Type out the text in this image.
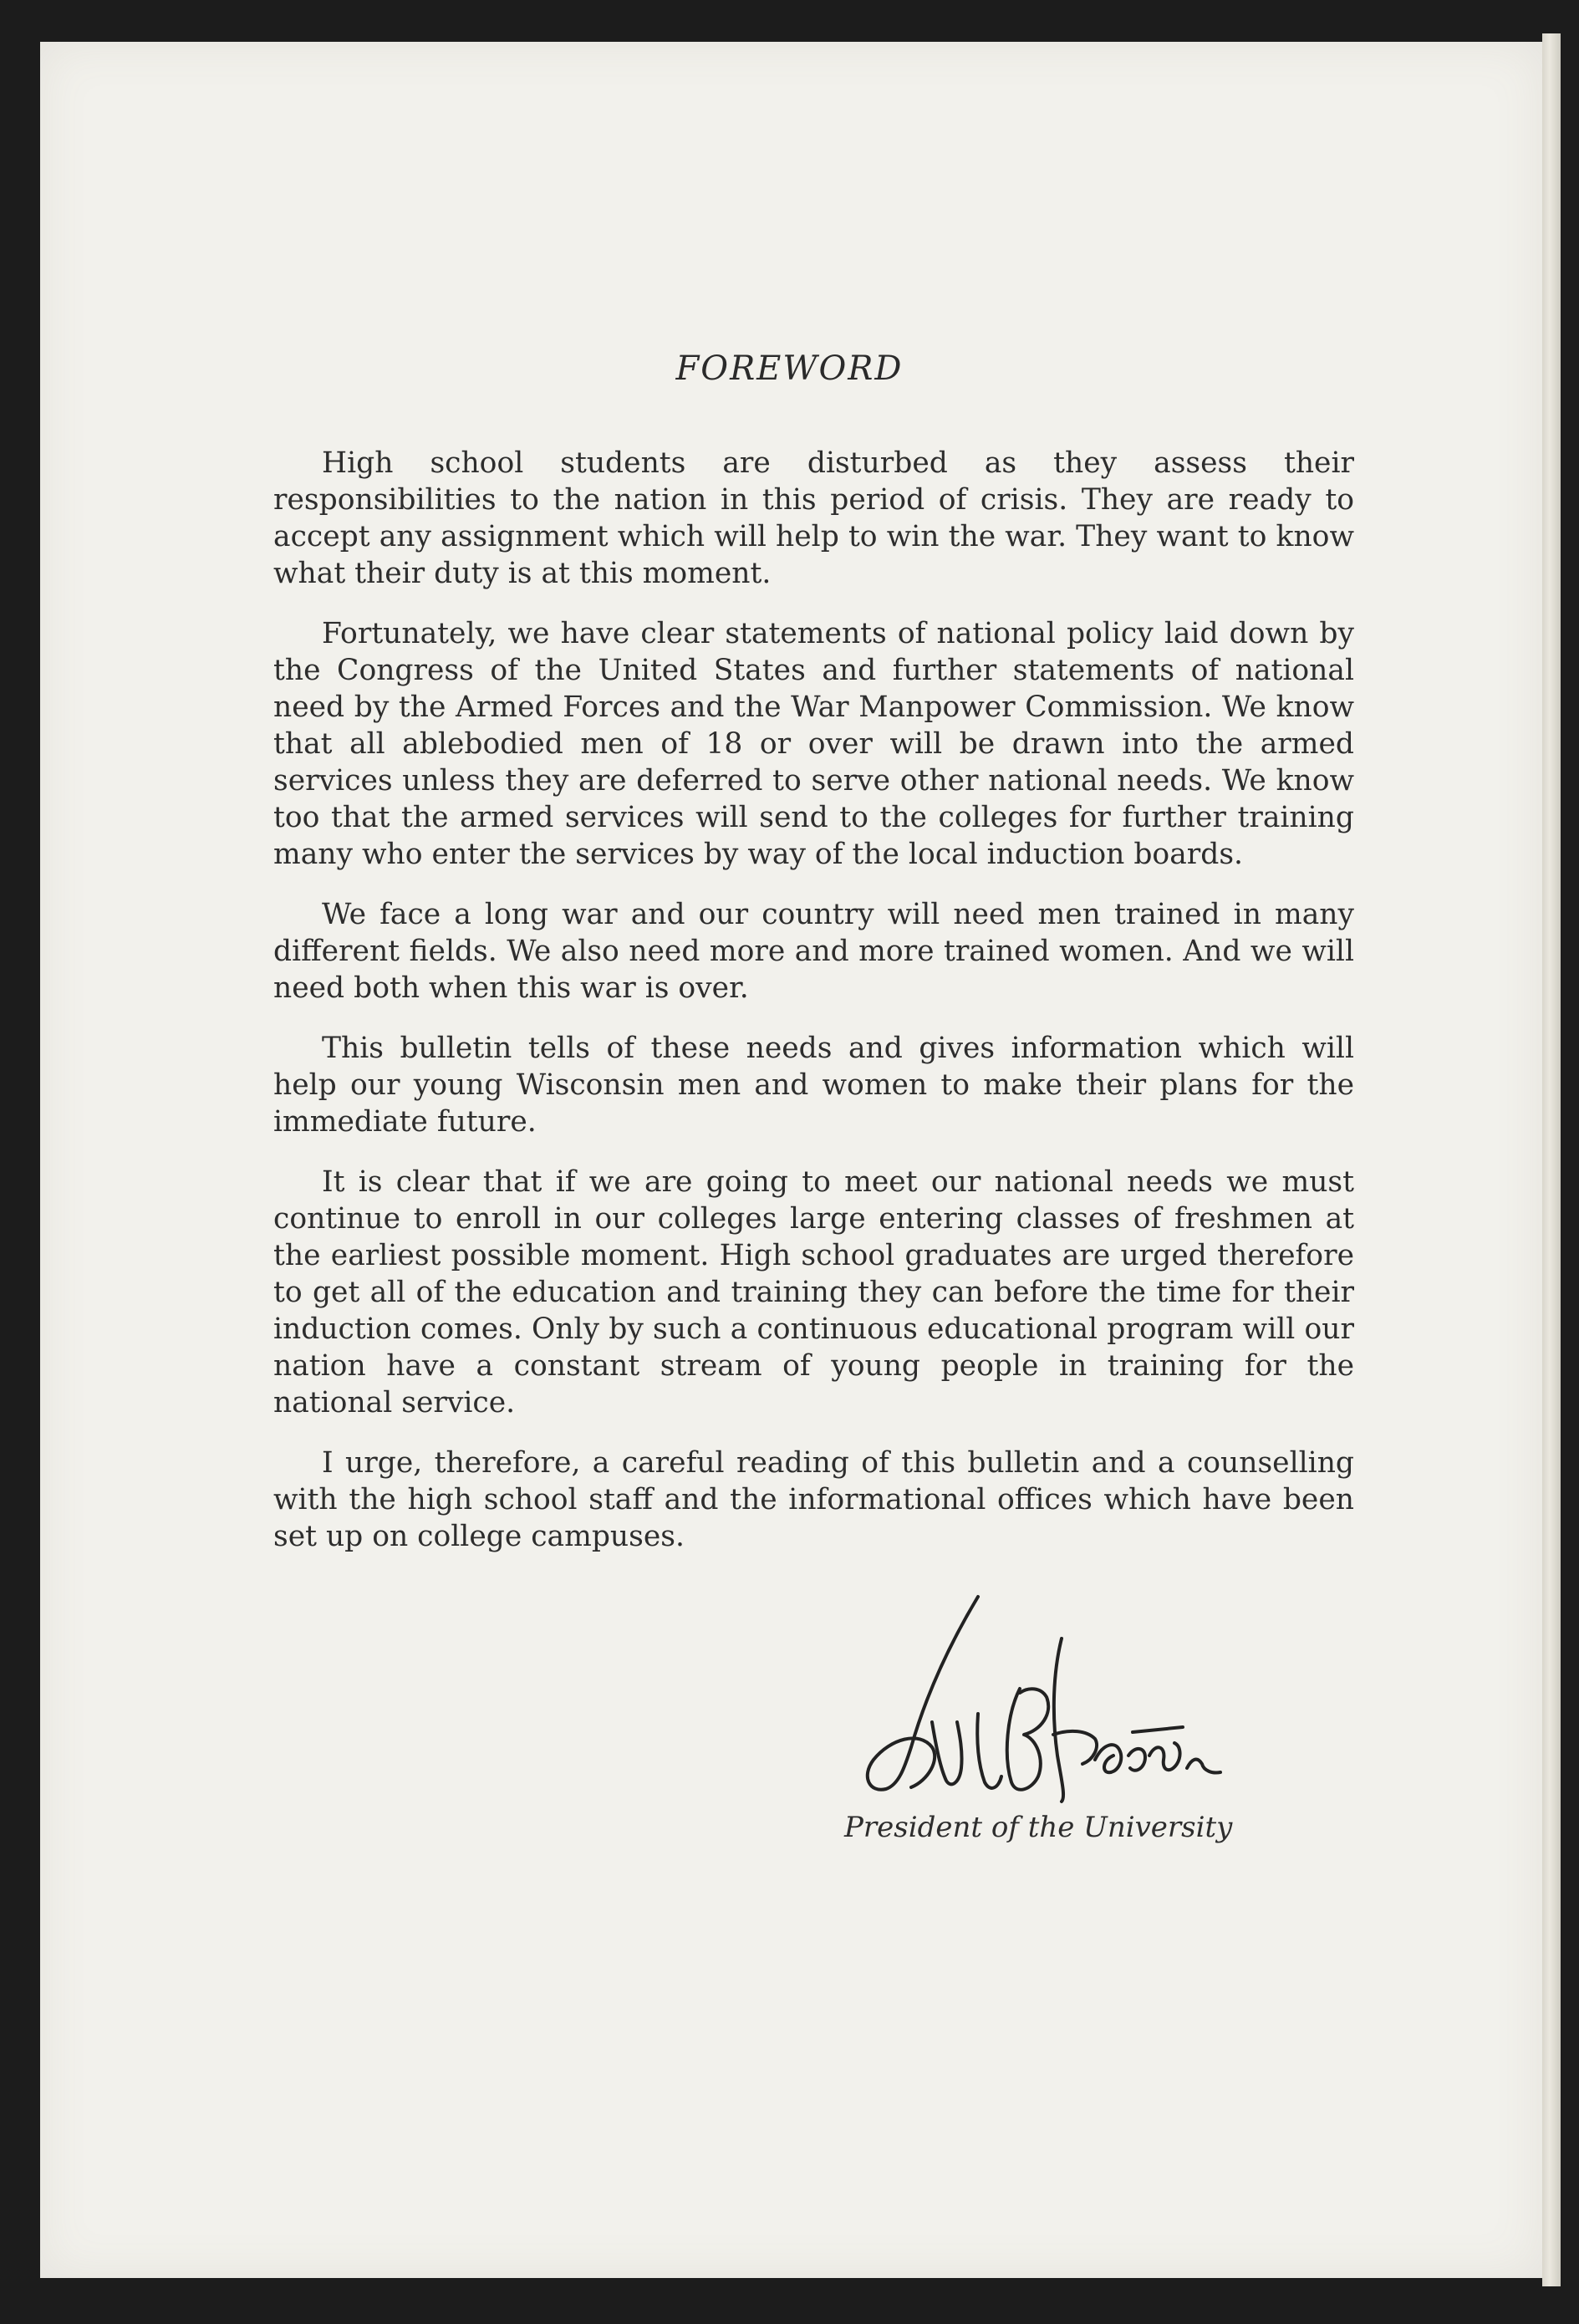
FOREWORD

High school students are disturbed as they assess their responsibilities to the nation in this period of crisis. They are ready to accept any assignment which will help to win the war. They want to know what their duty is at this moment.

Fortunately, we have clear statements of national policy laid down by the Congress of the United States and further statements of national need by the Armed Forces and the War Manpower Commission. We know that all ablebodied men of 18 or over will be drawn into the armed services unless they are deferred to serve other national needs. We know too that the armed services will send to the colleges for further training many who enter the services by way of the local induction boards.

We face a long war and our country will need men trained in many different fields. We also need more and more trained women. And we will need both when this war is over.

This bulletin tells of these needs and gives information which will help our young Wisconsin men and women to make their plans for the immediate future.

It is clear that if we are going to meet our national needs we must continue to enroll in our colleges large entering classes of freshmen at the earliest possible moment. High school graduates are urged therefore to get all of the education and training they can before the time for their induction comes. Only by such a continuous educational program will our nation have a constant stream of young people in training for the national service.

I urge, therefore, a careful reading of this bulletin and a counselling with the high school staff and the informational offices which have been set up on college campuses.

President of the University
